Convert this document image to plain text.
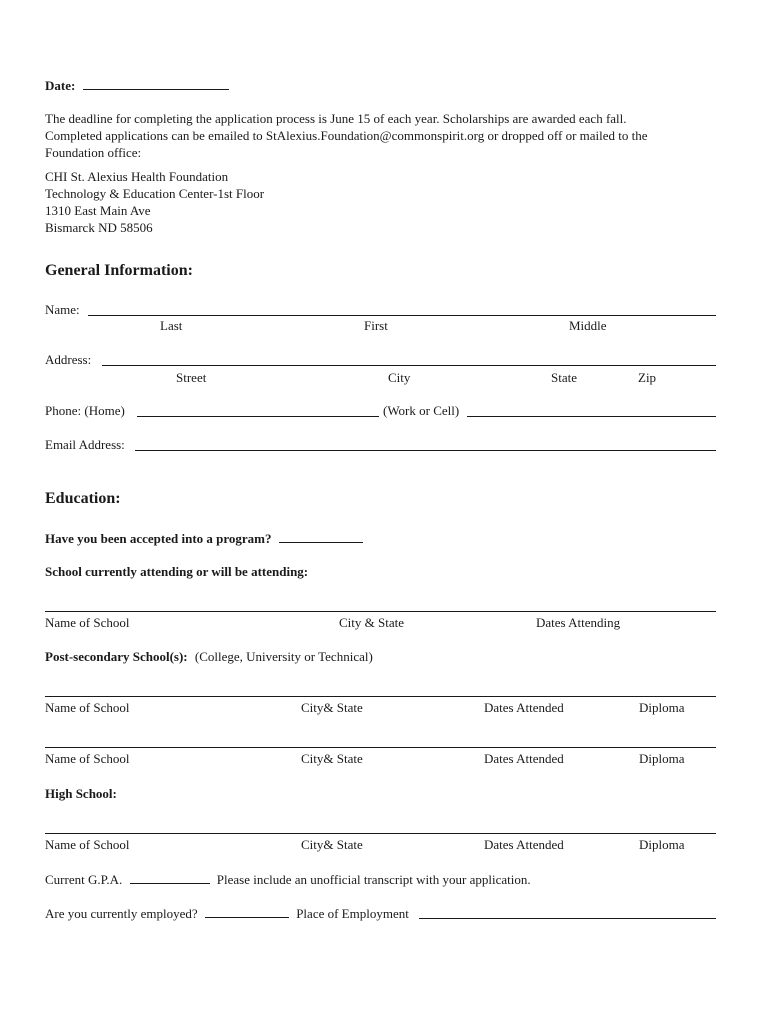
Date:
The deadline for completing the application process is June 15 of each year. Scholarships are awarded each fall.
Completed applications can be emailed to StAlexius.Foundation@commonspirit.org or dropped off or mailed to the
Foundation office:
CHI St. Alexius Health Foundation
Technology & Education Center-1st Floor
1310 East Main Ave
Bismarck ND 58506
General Information:
Name:
Last	First	Middle
Address:
Street	City	State	Zip
Phone: (Home)	(Work or Cell)
Email Address:
Education:
Have you been accepted into a program?
School currently attending or will be attending:
Name of School	City & State	Dates Attending
Post-secondary School(s): (College, University or Technical)
Name of School	City& State	Dates Attended	Diploma
Name of School	City& State	Dates Attended	Diploma
High School:
Name of School	City& State	Dates Attended	Diploma
Current G.P.A.	Please include an unofficial transcript with your application.
Are you currently employed?	Place of Employment
